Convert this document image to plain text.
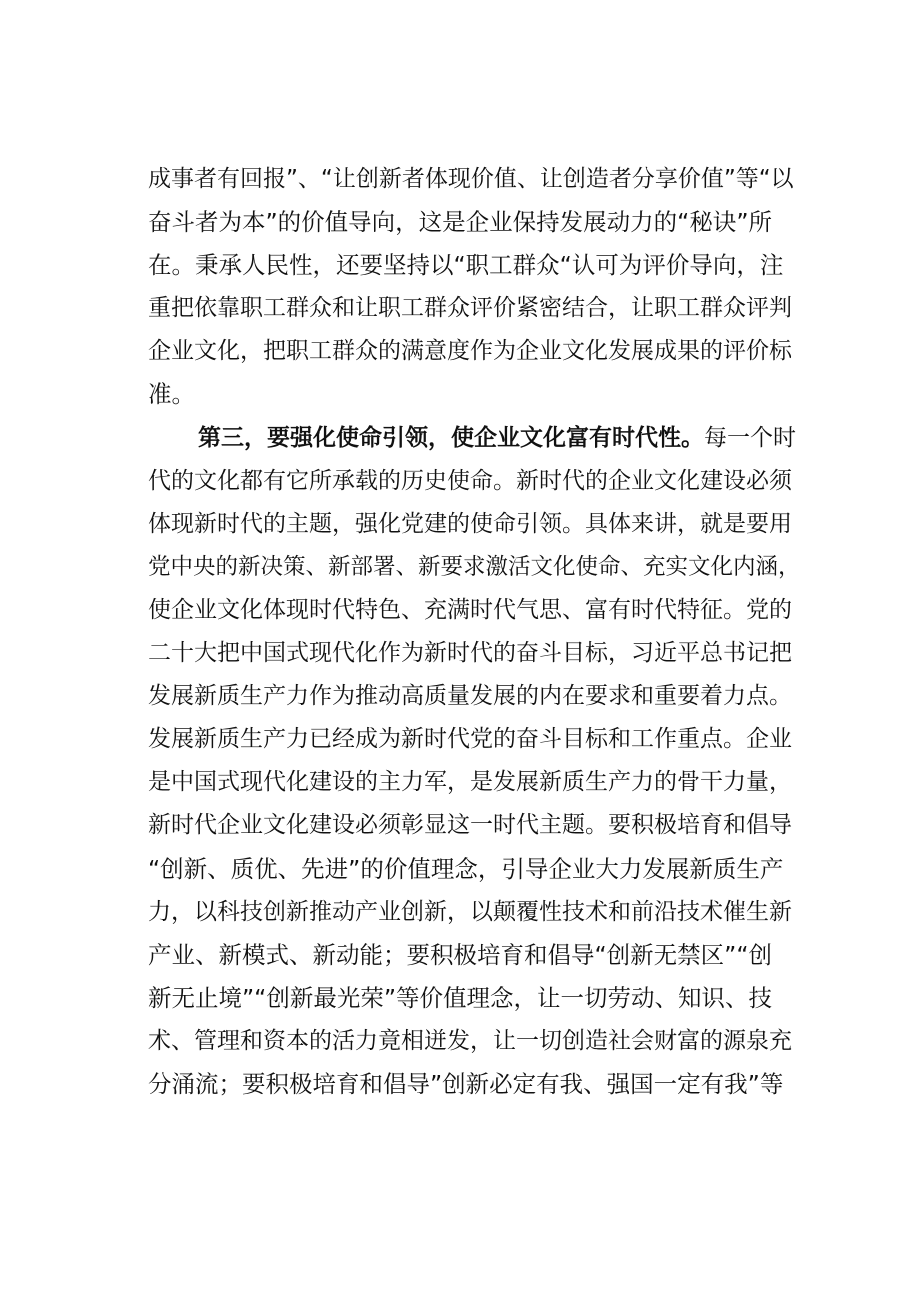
成事者有回报”、“让创新者体现价值、让创造者分享价值”等“以
奋斗者为本”的价值导向，这是企业保持发展动力的“秘诀”所
在。秉承人民性，还要坚持以“职工群众“认可为评价导向，注
重把依靠职工群众和让职工群众评价紧密结合，让职工群众评判
企业文化，把职工群众的满意度作为企业文化发展成果的评价标
准。
第三，要强化使命引领，使企业文化富有时代性。每一个时
代的文化都有它所承载的历史使命。新时代的企业文化建设必须
体现新时代的主题，强化党建的使命引领。具体来讲，就是要用
党中央的新决策、新部署、新要求激活文化使命、充实文化内涵，
使企业文化体现时代特色、充满时代气思、富有时代特征。党的
二十大把中国式现代化作为新时代的奋斗目标，习近平总书记把
发展新质生产力作为推动高质量发展的内在要求和重要着力点。
发展新质生产力已经成为新时代党的奋斗目标和工作重点。企业
是中国式现代化建设的主力军，是发展新质生产力的骨干力量，
新时代企业文化建设必须彰显这一时代主题。要积极培育和倡导
“创新、质优、先进”的价值理念，引导企业大力发展新质生产
力，以科技创新推动产业创新，以颠覆性技术和前沿技术催生新
产业、新模式、新动能；要积极培育和倡导“创新无禁区”“创
新无止境”“创新最光荣”等价值理念，让一切劳动、知识、技
术、管理和资本的活力竟相迸发，让一切创造社会财富的源泉充
分涌流；要积极培育和倡导”创新必定有我、强国一定有我”等
